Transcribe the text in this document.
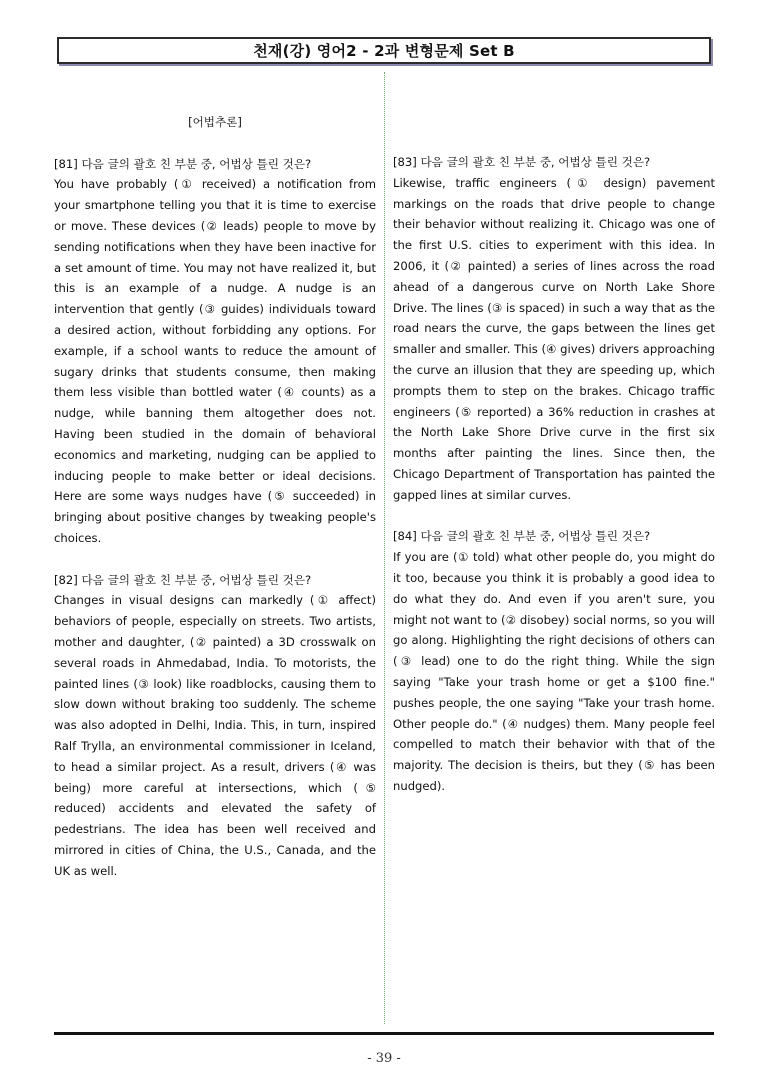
천재(강) 영어2 - 2과 변형문제 Set B
[어법추론]
[81] 다음 글의 괄호 친 부분 중, 어법상 틀린 것은?
You have probably (① received) a notification from your smartphone telling you that it is time to exercise or move. These devices (② leads) people to move by sending notifications when they have been inactive for a set amount of time. You may not have realized it, but this is an example of a nudge. A nudge is an intervention that gently (③ guides) individuals toward a desired action, without forbidding any options. For example, if a school wants to reduce the amount of sugary drinks that students consume, then making them less visible than bottled water (④ counts) as a nudge, while banning them altogether does not. Having been studied in the domain of behavioral economics and marketing, nudging can be applied to inducing people to make better or ideal decisions. Here are some ways nudges have (⑤ succeeded) in bringing about positive changes by tweaking people's choices.
[82] 다음 글의 괄호 친 부분 중, 어법상 틀린 것은?
Changes in visual designs can markedly (① affect) behaviors of people, especially on streets. Two artists, mother and daughter, (② painted) a 3D crosswalk on several roads in Ahmedabad, India. To motorists, the painted lines (③ look) like roadblocks, causing them to slow down without braking too suddenly. The scheme was also adopted in Delhi, India. This, in turn, inspired Ralf Trylla, an environmental commissioner in Iceland, to head a similar project. As a result, drivers (④ was being) more careful at intersections, which (⑤ reduced) accidents and elevated the safety of pedestrians. The idea has been well received and mirrored in cities of China, the U.S., Canada, and the UK as well.
[83] 다음 글의 괄호 친 부분 중, 어법상 틀린 것은?
Likewise, traffic engineers (① design) pavement markings on the roads that drive people to change their behavior without realizing it. Chicago was one of the first U.S. cities to experiment with this idea. In 2006, it (② painted) a series of lines across the road ahead of a dangerous curve on North Lake Shore Drive. The lines (③ is spaced) in such a way that as the road nears the curve, the gaps between the lines get smaller and smaller. This (④ gives) drivers approaching the curve an illusion that they are speeding up, which prompts them to step on the brakes. Chicago traffic engineers (⑤ reported) a 36% reduction in crashes at the North Lake Shore Drive curve in the first six months after painting the lines. Since then, the Chicago Department of Transportation has painted the gapped lines at similar curves.
[84] 다음 글의 괄호 친 부분 중, 어법상 틀린 것은?
If you are (① told) what other people do, you might do it too, because you think it is probably a good idea to do what they do. And even if you aren't sure, you might not want to (② disobey) social norms, so you will go along. Highlighting the right decisions of others can (③ lead) one to do the right thing. While the sign saying "Take your trash home or get a $100 fine." pushes people, the one saying "Take your trash home. Other people do." (④ nudges) them. Many people feel compelled to match their behavior with that of the majority. The decision is theirs, but they (⑤ has been nudged).
- 39 -
